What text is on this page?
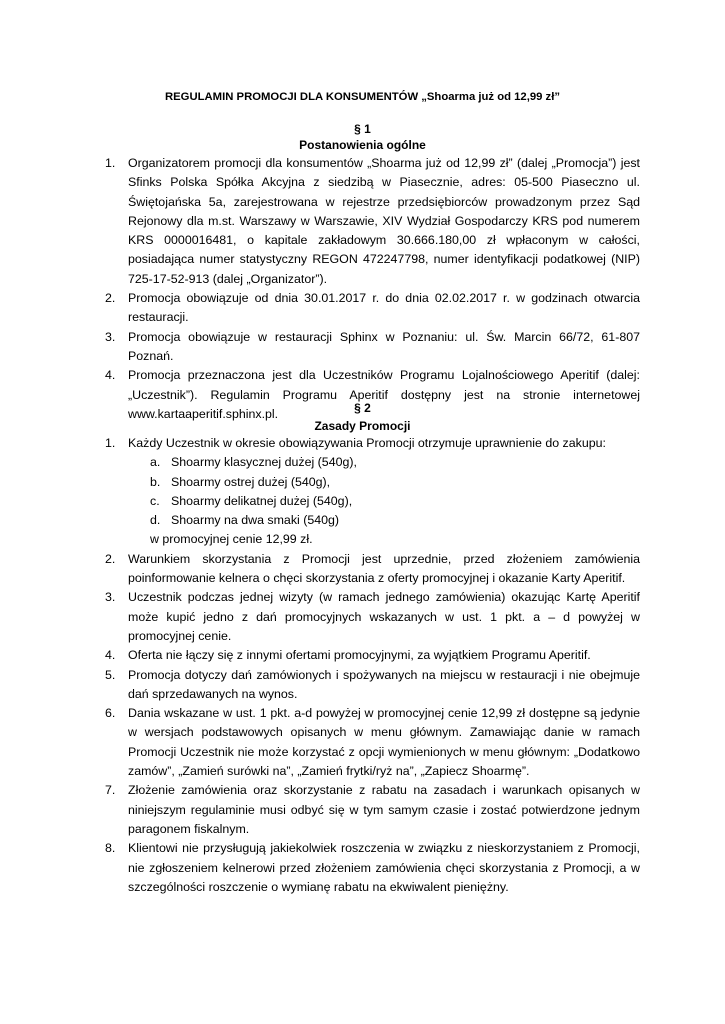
REGULAMIN PROMOCJI DLA KONSUMENTÓW „Shoarma już od 12,99 zł”
§ 1
Postanowienia ogólne
1. Organizatorem promocji dla konsumentów „Shoarma już od 12,99 zł” (dalej „Promocja”) jest Sfinks Polska Spółka Akcyjna z siedzibą w Piasecznie, adres: 05-500 Piaseczno ul. Świętojańska 5a, zarejestrowana w rejestrze przedsiębiorców prowadzonym przez Sąd Rejonowy dla m.st. Warszawy w Warszawie, XIV Wydział Gospodarczy KRS pod numerem KRS 0000016481, o kapitale zakładowym 30.666.180,00 zł wpłaconym w całości, posiadająca numer statystyczny REGON 472247798, numer identyfikacji podatkowej (NIP) 725-17-52-913 (dalej „Organizator”).
2. Promocja obowiązuje od dnia 30.01.2017 r. do dnia 02.02.2017 r. w godzinach otwarcia restauracji.
3. Promocja obowiązuje w restauracji Sphinx w Poznaniu: ul. Św. Marcin 66/72, 61-807 Poznań.
4. Promocja przeznaczona jest dla Uczestników Programu Lojalnościowego Aperitif (dalej: „Uczestnik”). Regulamin Programu Aperitif dostępny jest na stronie internetowej www.kartaaperitif.sphinx.pl.	§ 2
Zasady Promocji
1. Każdy Uczestnik w okresie obowiązywania Promocji otrzymuje uprawnienie do zakupu:
a. Shoarmy klasycznej dużej (540g),
b. Shoarmy ostrej dużej (540g),
c. Shoarmy delikatnej dużej (540g),
d. Shoarmy na dwa smaki (540g)
w promocyjnej cenie 12,99 zł.
2. Warunkiem skorzystania z Promocji jest uprzednie, przed złożeniem zamówienia poinformowanie kelnera o chęci skorzystania z oferty promocyjnej i okazanie Karty Aperitif.
3. Uczestnik podczas jednej wizyty (w ramach jednego zamówienia) okazując Kartę Aperitif może kupić jedno z dań promocyjnych wskazanych w ust. 1 pkt. a – d powyżej w promocyjnej cenie.
4. Oferta nie łączy się z innymi ofertami promocyjnymi, za wyjątkiem Programu Aperitif.
5. Promocja dotyczy dań zamówionych i spożywanych na miejscu w restauracji i nie obejmuje dań sprzedawanych na wynos.
6. Dania wskazane w ust. 1 pkt. a-d powyżej w promocyjnej cenie 12,99 zł dostępne są jedynie w wersjach podstawowych opisanych w menu głównym. Zamawiając danie w ramach Promocji Uczestnik nie może korzystać z opcji wymienionych w menu głównym: „Dodatkowo zamów”, „Zamień surówki na”, „Zamień frytki/ryż na”, „Zapiecz Shoarmę”.
7. Złożenie zamówienia oraz skorzystanie z rabatu na zasadach i warunkach opisanych w niniejszym regulaminie musi odbyć się w tym samym czasie i zostać potwierdzone jednym paragonem fiskalnym.
8. Klientowi nie przysługują jakiekolwiek roszczenia w związku z nieskorzystaniem z Promocji, nie zgłoszeniem kelnerowi przed złożeniem zamówienia chęci skorzystania z Promocji, a w szczególności roszczenie o wymianę rabatu na ekwiwalent pieniężny.
